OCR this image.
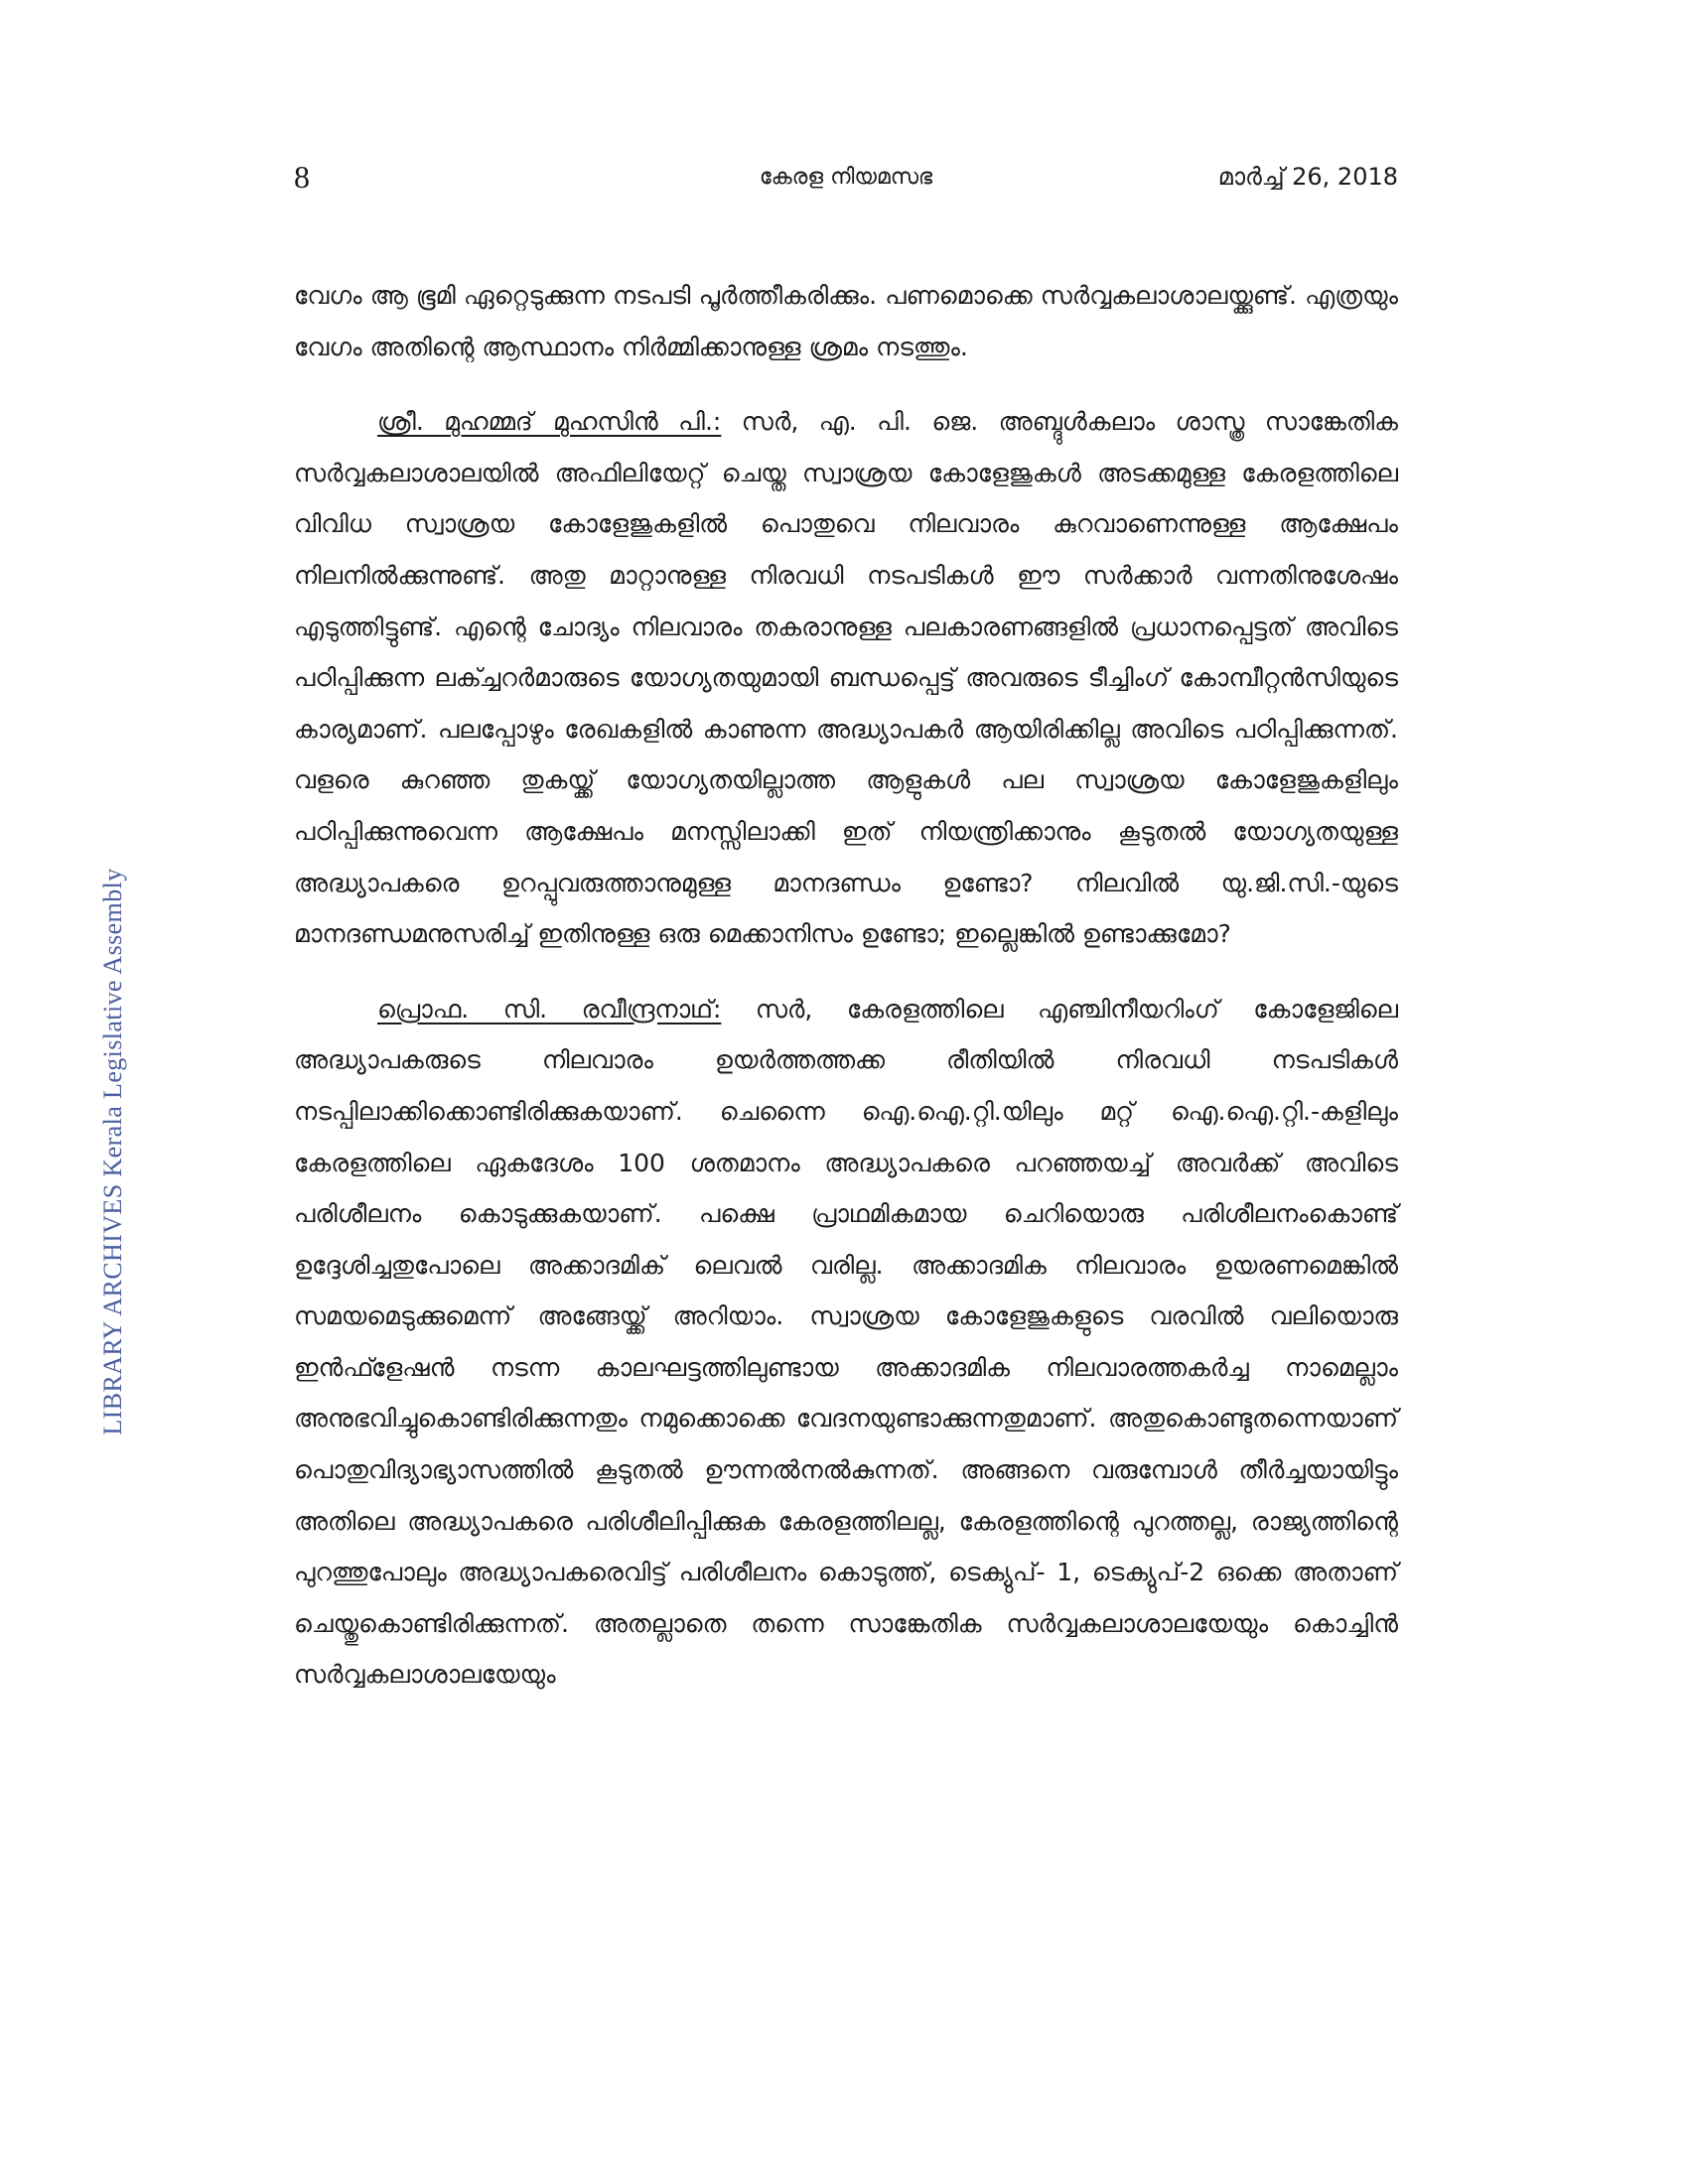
8	കേരള നിയമസഭ	മാർച്ച് 26, 2018
LIBRARY ARCHIVES Kerala Legislative Assembly

വേഗം ആ ഭൂമി ഏറ്റെടുക്കുന്ന നടപടി പൂർത്തീകരിക്കും. പണമൊക്കെ സർവ്വകലാശാലയ്ക്കുണ്ട്. എത്രയും വേഗം അതിന്റെ ആസ്ഥാനം നിർമ്മിക്കാനുള്ള ശ്രമം നടത്തും.

ശ്രീ. മുഹമ്മദ് മുഹസിൻ പി.: സർ, എ. പി. ജെ. അബ്ദുൾകലാം ശാസ്ത്ര സാങ്കേതിക സർവ്വകലാശാലയിൽ അഫിലിയേറ്റ് ചെയ്ത സ്വാശ്രയ കോളേജുകൾ അടക്കമുള്ള കേരളത്തിലെ വിവിധ സ്വാശ്രയ കോളേജുകളിൽ പൊതുവെ നിലവാരം കുറവാണെന്നുള്ള ആക്ഷേപം നിലനിൽക്കുന്നുണ്ട്. അതു മാറ്റാനുള്ള നിരവധി നടപടികൾ ഈ സർക്കാർ വന്നതിനുശേഷം എടുത്തിട്ടുണ്ട്. എന്റെ ചോദ്യം നിലവാരം തകരാനുള്ള പലകാരണങ്ങളിൽ പ്രധാനപ്പെട്ടത് അവിടെ പഠിപ്പിക്കുന്ന ലക്ച്ചറർമാരുടെ യോഗ്യതയുമായി ബന്ധപ്പെട്ട് അവരുടെ ടീച്ചിംഗ് കോമ്പീറ്റൻസിയുടെ കാര്യമാണ്. പലപ്പോഴും രേഖകളിൽ കാണുന്ന അദ്ധ്യാപകർ ആയിരിക്കില്ല അവിടെ പഠിപ്പിക്കുന്നത്. വളരെ കുറഞ്ഞ തുകയ്ക്ക് യോഗ്യതയില്ലാത്ത ആളുകൾ പല സ്വാശ്രയ കോളേജുകളിലും പഠിപ്പിക്കുന്നുവെന്ന ആക്ഷേപം മനസ്സിലാക്കി ഇത് നിയന്ത്രിക്കാനും കൂടുതൽ യോഗ്യതയുള്ള അദ്ധ്യാപകരെ ഉറപ്പുവരുത്താനുമുള്ള മാനദണ്ഡം ഉണ്ടോ? നിലവിൽ യു.ജി.സി.-യുടെ മാനദണ്ഡമനുസരിച്ച് ഇതിനുള്ള ഒരു മെക്കാനിസം ഉണ്ടോ; ഇല്ലെങ്കിൽ ഉണ്ടാക്കുമോ?

പ്രൊഫ. സി. രവീന്ദ്രനാഥ്: സർ, കേരളത്തിലെ എഞ്ചിനീയറിംഗ് കോളേജിലെ അദ്ധ്യാപകരുടെ നിലവാരം ഉയർത്തത്തക്ക രീതിയിൽ നിരവധി നടപടികൾ നടപ്പിലാക്കിക്കൊണ്ടിരിക്കുകയാണ്. ചെന്നൈ ഐ.ഐ.റ്റി.യിലും മറ്റ് ഐ.ഐ.റ്റി.-കളിലും കേരളത്തിലെ ഏകദേശം 100 ശതമാനം അദ്ധ്യാപകരെ പറഞ്ഞയച്ച് അവർക്ക് അവിടെ പരിശീലനം കൊടുക്കുകയാണ്. പക്ഷെ പ്രാഥമികമായ ചെറിയൊരു പരിശീലനംകൊണ്ട് ഉദ്ദേശിച്ചതുപോലെ അക്കാദമിക് ലെവൽ വരില്ല. അക്കാദമിക നിലവാരം ഉയരണമെങ്കിൽ സമയമെടുക്കുമെന്ന് അങ്ങേയ്ക്ക് അറിയാം. സ്വാശ്രയ കോളേജുകളുടെ വരവിൽ വലിയൊരു ഇൻഫ്ളേഷൻ നടന്ന കാലഘട്ടത്തിലുണ്ടായ അക്കാദമിക നിലവാരത്തകർച്ച നാമെല്ലാം അനുഭവിച്ചുകൊണ്ടിരിക്കുന്നതും നമുക്കൊക്കെ വേദനയുണ്ടാക്കുന്നതുമാണ്. അതുകൊണ്ടുതന്നെയാണ് പൊതുവിദ്യാഭ്യാസത്തിൽ കൂടുതൽ ഊന്നൽനൽകുന്നത്. അങ്ങനെ വരുമ്പോൾ തീർച്ചയായിട്ടും അതിലെ അദ്ധ്യാപകരെ പരിശീലിപ്പിക്കുക കേരളത്തിലല്ല, കേരളത്തിന്റെ പുറത്തല്ല, രാജ്യത്തിന്റെ പുറത്തുപോലും അദ്ധ്യാപകരെവിട്ട് പരിശീലനം കൊടുത്ത്, ടെക്യുപ്- 1, ടെക്യുപ്-2 ഒക്കെ അതാണ് ചെയ്തുകൊണ്ടിരിക്കുന്നത്. അതല്ലാതെ തന്നെ സാങ്കേതിക സർവ്വകലാശാലയേയും കൊച്ചിൻ സർവ്വകലാശാലയേയും
